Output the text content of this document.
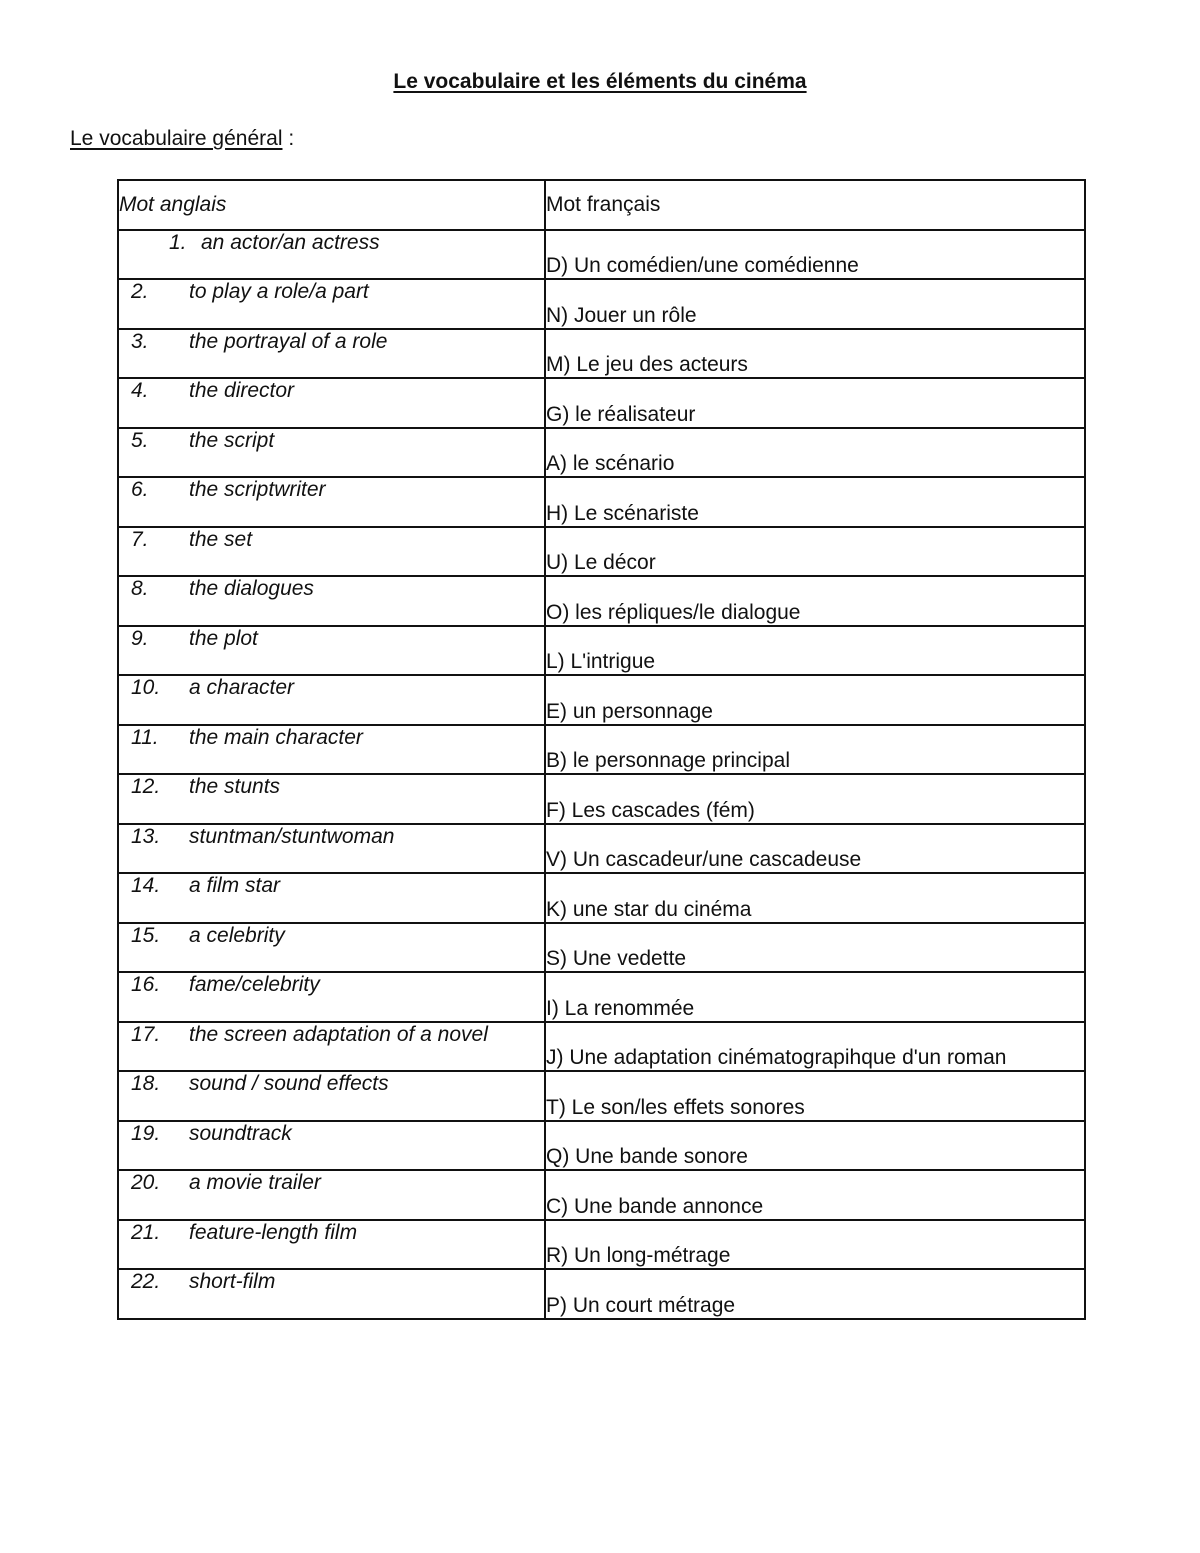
Le vocabulaire et les éléments du cinéma

Le vocabulaire général :

Mot anglais	Mot français
1. an actor/an actress	D) Un comédien/une comédienne
2. to play a role/a part	N) Jouer un rôle
3. the portrayal of a role	M) Le jeu des acteurs
4. the director	G) le réalisateur
5. the script	A) le scénario
6. the scriptwriter	H) Le scénariste
7. the set	U) Le décor
8. the dialogues	O) les répliques/le dialogue
9. the plot	L) L'intrigue
10. a character	E) un personnage
11. the main character	B) le personnage principal
12. the stunts	F) Les cascades (fém)
13. stuntman/stuntwoman	V) Un cascadeur/une cascadeuse
14. a film star	K) une star du cinéma
15. a celebrity	S) Une vedette
16. fame/celebrity	I) La renommée
17. the screen adaptation of a novel	J) Une adaptation cinématograpihque d'un roman
18. sound / sound effects	T) Le son/les effets sonores
19. soundtrack	Q) Une bande sonore
20. a movie trailer	C) Une bande annonce
21. feature-length film	R) Un long-métrage
22. short-film	P) Un court métrage
